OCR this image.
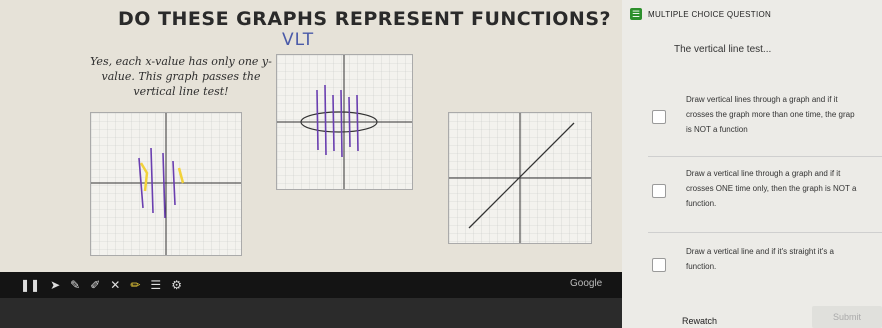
DO THESE GRAPHS REPRESENT FUNCTIONS?
VLT
Yes, each x-value has only one y-value. This graph passes the vertical line test!
❚❚ ➤ ✎ ✐ ✕ ✏ ☰ ⚙	Google
☰ MULTIPLE CHOICE QUESTION
The vertical line test...
Draw vertical lines through a graph and if it
crosses the graph more than one time, the grap
is NOT a function
Draw a vertical line through a graph and if it
crosses ONE time only, then the graph is NOT a
function.
Draw a vertical line and if it's straight it's a
function.
Rewatch	Submit
